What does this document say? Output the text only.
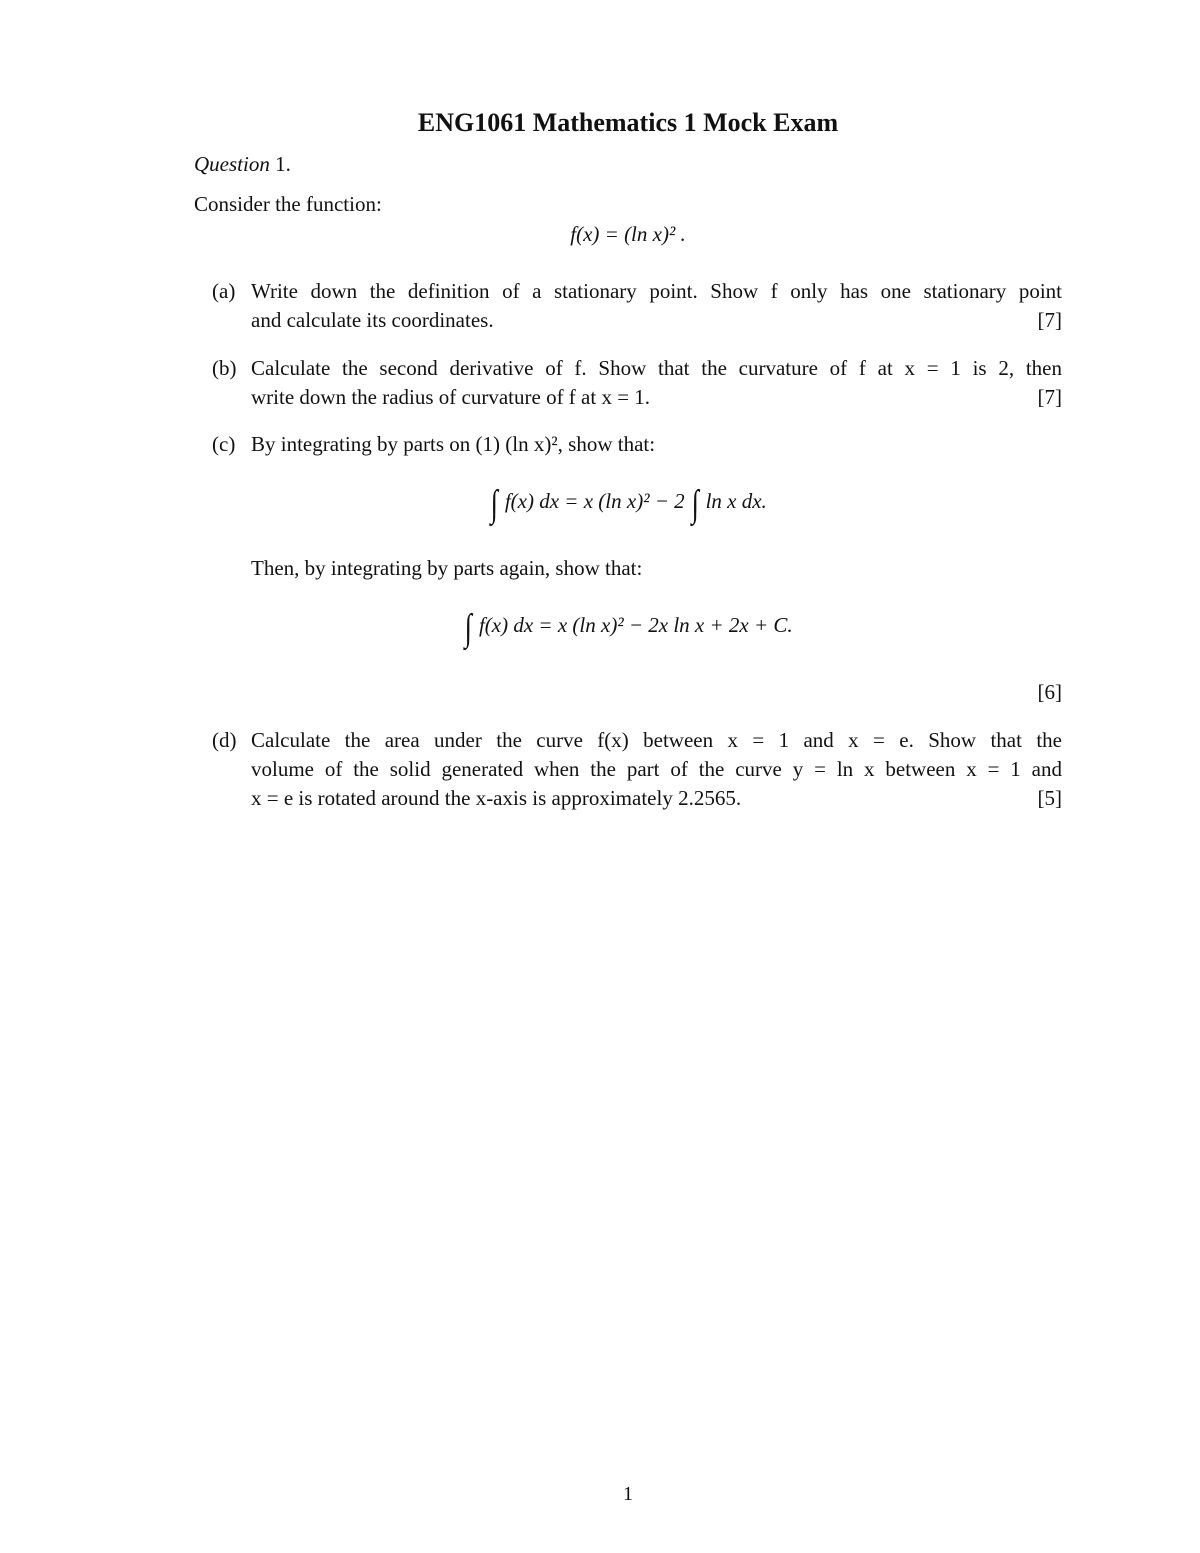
ENG1061 Mathematics 1 Mock Exam
Question 1.
Consider the function:
f(x) = (ln x)² .
(a) Write down the definition of a stationary point. Show f only has one stationary point
and calculate its coordinates.	[7]
(b) Calculate the second derivative of f. Show that the curvature of f at x = 1 is 2, then
write down the radius of curvature of f at x = 1.	[7]
(c) By integrating by parts on (1) (ln x)², show that:
∫ f(x) dx = x (ln x)² − 2 ∫ ln x dx.
Then, by integrating by parts again, show that:
∫ f(x) dx = x (ln x)² − 2x ln x + 2x + C.
[6]
(d) Calculate the area under the curve f(x) between x = 1 and x = e. Show that the
volume of the solid generated when the part of the curve y = ln x between x = 1 and
x = e is rotated around the x-axis is approximately 2.2565.	[5]
1
